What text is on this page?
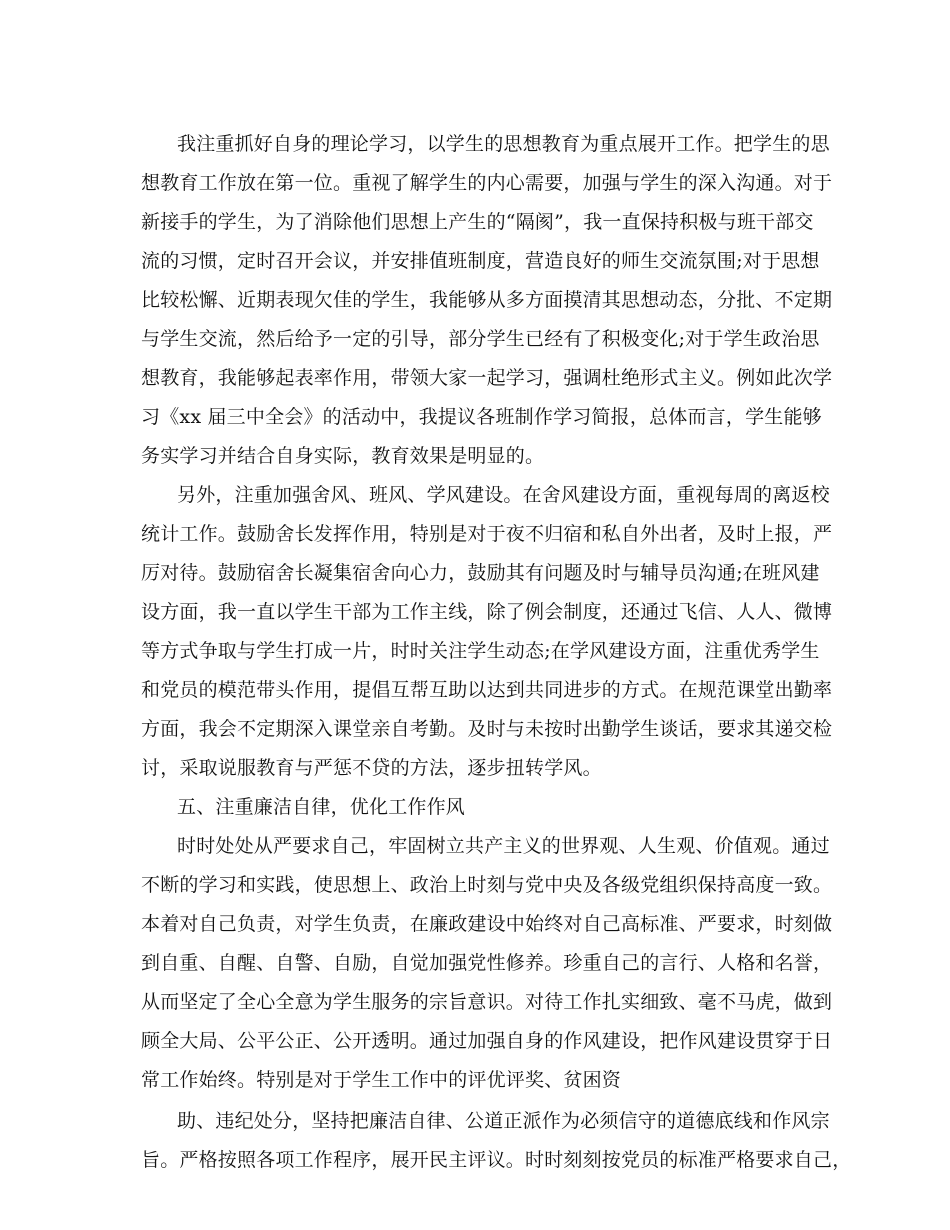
我注重抓好自身的理论学习，以学生的思想教育为重点展开工作。把学生的思
想教育工作放在第一位。重视了解学生的内心需要，加强与学生的深入沟通。对于
新接手的学生，为了消除他们思想上产生的“隔阂”，我一直保持积极与班干部交
流的习惯，定时召开会议，并安排值班制度，营造良好的师生交流氛围;对于思想
比较松懈、近期表现欠佳的学生，我能够从多方面摸清其思想动态，分批、不定期
与学生交流，然后给予一定的引导，部分学生已经有了积极变化;对于学生政治思
想教育，我能够起表率作用，带领大家一起学习，强调杜绝形式主义。例如此次学
习《xx 届三中全会》的活动中，我提议各班制作学习简报，总体而言，学生能够
务实学习并结合自身实际，教育效果是明显的。
另外，注重加强舍风、班风、学风建设。在舍风建设方面，重视每周的离返校
统计工作。鼓励舍长发挥作用，特别是对于夜不归宿和私自外出者，及时上报，严
厉对待。鼓励宿舍长凝集宿舍向心力，鼓励其有问题及时与辅导员沟通;在班风建
设方面，我一直以学生干部为工作主线，除了例会制度，还通过飞信、人人、微博
等方式争取与学生打成一片，时时关注学生动态;在学风建设方面，注重优秀学生
和党员的模范带头作用，提倡互帮互助以达到共同进步的方式。在规范课堂出勤率
方面，我会不定期深入课堂亲自考勤。及时与未按时出勤学生谈话，要求其递交检
讨，采取说服教育与严惩不贷的方法，逐步扭转学风。
五、注重廉洁自律，优化工作作风
时时处处从严要求自己，牢固树立共产主义的世界观、人生观、价值观。通过
不断的学习和实践，使思想上、政治上时刻与党中央及各级党组织保持高度一致。
本着对自己负责，对学生负责，在廉政建设中始终对自己高标准、严要求，时刻做
到自重、自醒、自警、自励，自觉加强党性修养。珍重自己的言行、人格和名誉，
从而坚定了全心全意为学生服务的宗旨意识。对待工作扎实细致、毫不马虎，做到
顾全大局、公平公正、公开透明。通过加强自身的作风建设，把作风建设贯穿于日
常工作始终。特别是对于学生工作中的评优评奖、贫困资
助、违纪处分，坚持把廉洁自律、公道正派作为必须信守的道德底线和作风宗
旨。严格按照各项工作程序，展开民主评议。时时刻刻按党员的标准严格要求自己，
